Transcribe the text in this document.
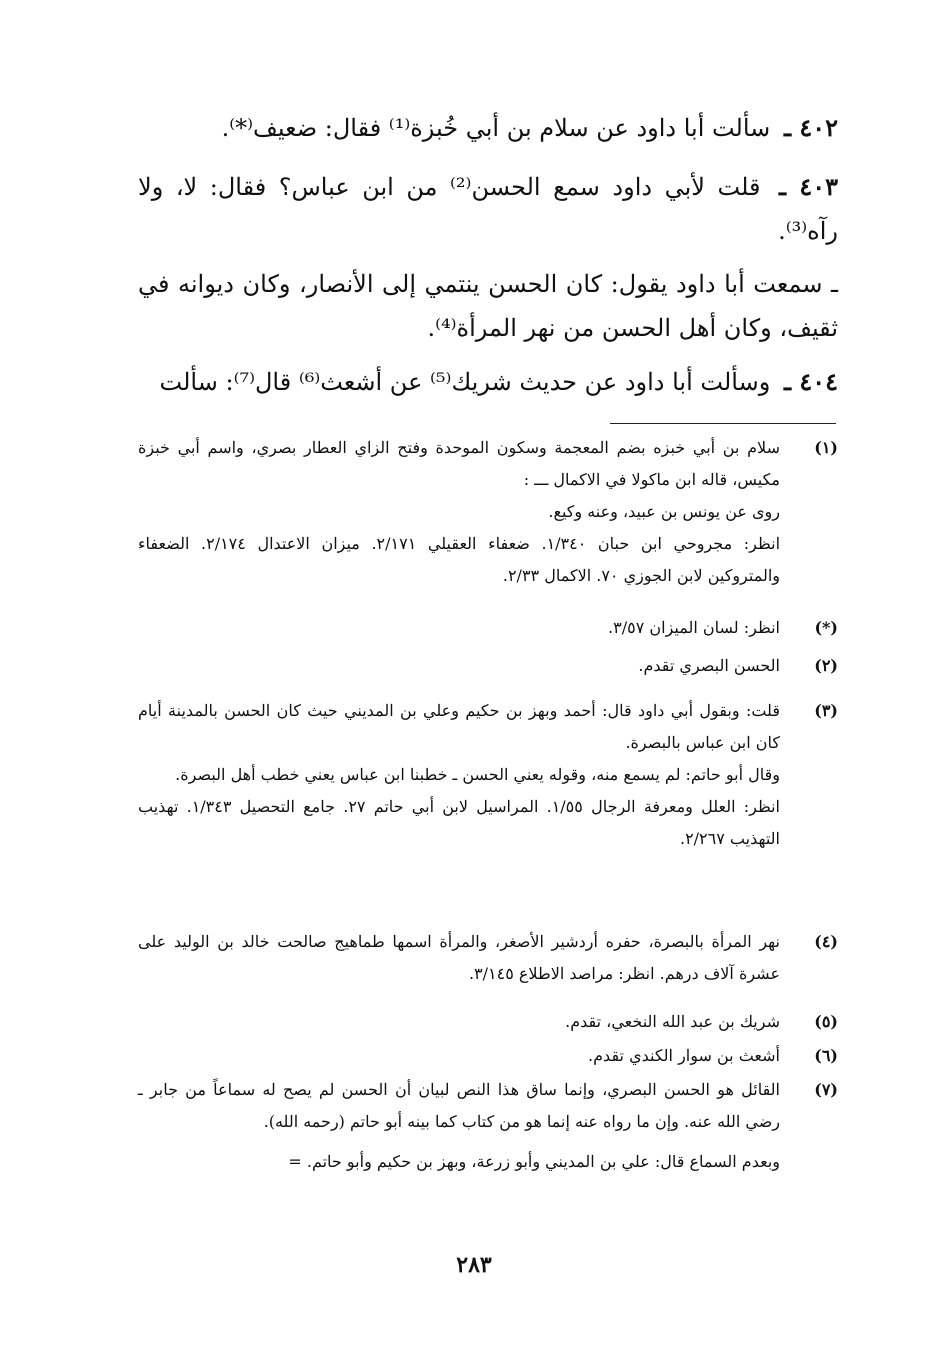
٤٠٢ ـ سألت أبا داود عن سلام بن أبي خُبزة⁽¹⁾ فقال: ضعيف⁽*⁾.
٤٠٣ ـ قلت لأبي داود سمع الحسن⁽²⁾ من ابن عباس؟ فقال: لا، ولا رآه⁽³⁾.
ـ سمعت أبا داود يقول: كان الحسن ينتمي إلى الأنصار، وكان ديوانه في ثقيف، وكان أهل الحسن من نهر المرأة⁽⁴⁾.
٤٠٤ ـ وسألت أبا داود عن حديث شريك⁽⁵⁾ عن أشعث⁽⁶⁾ قال⁽⁷⁾: سألت
(١)
سلام بن أبي خبزه بضم المعجمة وسكون الموحدة وفتح الزاي العطار بصري، واسم أبي خبزة مكيس، قاله ابن ماكولا في الاكمال ـــ :
روى عن يونس بن عبيد، وعنه وكيع.
انظر: مجروحي ابن حبان ١/٣٤٠. ضعفاء العقيلي ٢/١٧١. ميزان الاعتدال ٢/١٧٤. الضعفاء والمتروكين لابن الجوزي ٧٠. الاكمال ٢/٣٣.
(*)
انظر: لسان الميزان ٣/٥٧.
(٢)
الحسن البصري تقدم.
(٣)
قلت: وبقول أبي داود قال: أحمد وبهز بن حكيم وعلي بن المديني حيث كان الحسن بالمدينة أيام كان ابن عباس بالبصرة.
وقال أبو حاتم: لم يسمع منه، وقوله يعني الحسن ـ خطبنا ابن عباس يعني خطب أهل البصرة.
انظر: العلل ومعرفة الرجال ١/٥٥. المراسيل لابن أبي حاتم ٢٧. جامع التحصيل ١/٣٤٣. تهذيب التهذيب ٢/٢٦٧.
(٤)
نهر المرأة بالبصرة، حفره أردشير الأصغر، والمرأة اسمها طماهيج صالحت خالد بن الوليد على عشرة آلاف درهم. انظر: مراصد الاطلاع ٣/١٤٥.
(٥)
شريك بن عبد الله النخعي، تقدم.
(٦)
أشعث بن سوار الكندي تقدم.
(٧)
القائل هو الحسن البصري، وإنما ساق هذا النص لبيان أن الحسن لم يصح له سماعاً من جابر ـ رضي الله عنه. وإن ما رواه عنه إنما هو من كتاب كما بينه أبو حاتم (رحمه الله).
وبعدم السماع قال: علي بن المديني وأبو زرعة، وبهز بن حكيم وأبو حاتم. =
٢٨٣
